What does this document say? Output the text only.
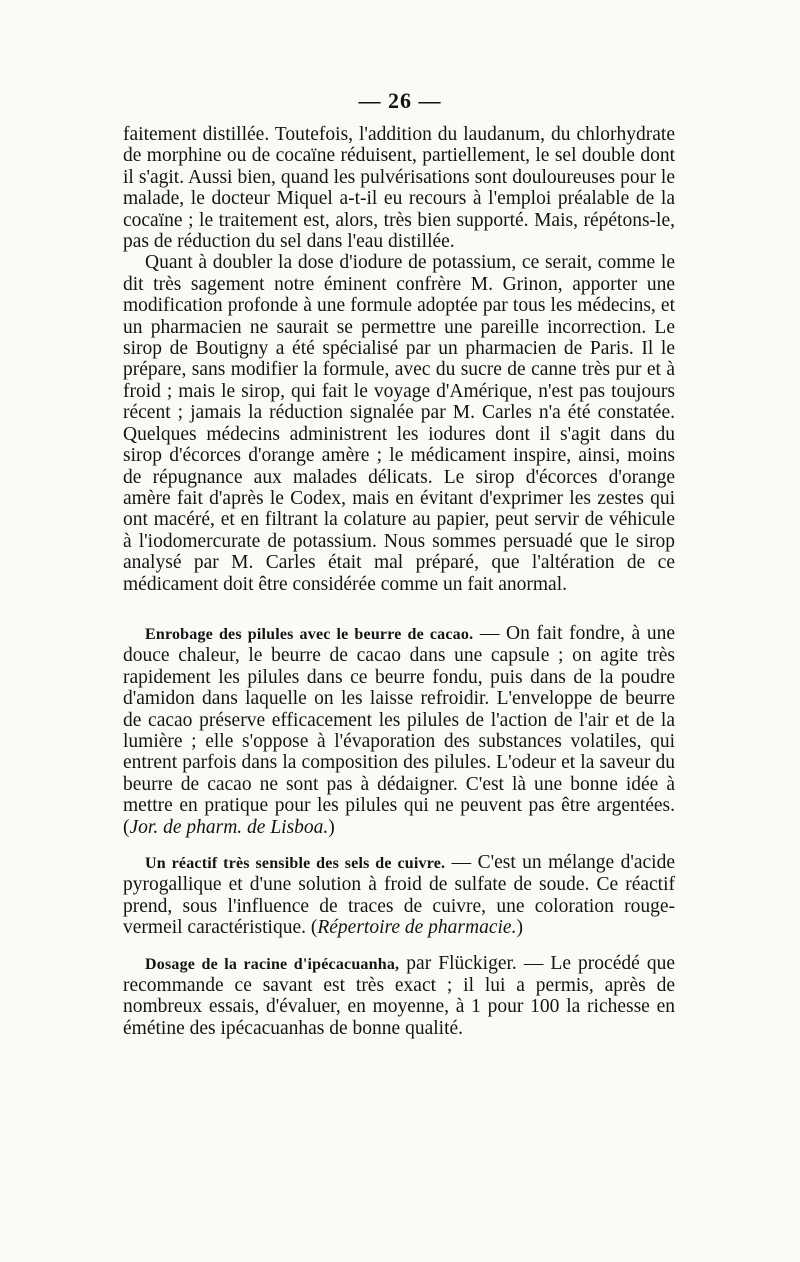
— 26 —

faitement distillée. Toutefois, l'addition du laudanum, du chlorhydrate de morphine ou de cocaïne réduisent, partiellement, le sel double dont il s'agit. Aussi bien, quand les pulvérisations sont douloureuses pour le malade, le docteur Miquel a-t-il eu recours à l'emploi préalable de la cocaïne ; le traitement est, alors, très bien supporté. Mais, répétons-le, pas de réduction du sel dans l'eau distillée.

Quant à doubler la dose d'iodure de potassium, ce serait, comme le dit très sagement notre éminent confrère M. Grinon, apporter une modification profonde à une formule adoptée par tous les médecins, et un pharmacien ne saurait se permettre une pareille incorrection. Le sirop de Boutigny a été spécialisé par un pharmacien de Paris. Il le prépare, sans modifier la formule, avec du sucre de canne très pur et à froid ; mais le sirop, qui fait le voyage d'Amérique, n'est pas toujours récent ; jamais la réduction signalée par M. Carles n'a été constatée. Quelques médecins administrent les iodures dont il s'agit dans du sirop d'écorces d'orange amère ; le médicament inspire, ainsi, moins de répugnance aux malades délicats. Le sirop d'écorces d'orange amère fait d'après le Codex, mais en évitant d'exprimer les zestes qui ont macéré, et en filtrant la colature au papier, peut servir de véhicule à l'iodomercurate de potassium. Nous sommes persuadé que le sirop analysé par M. Carles était mal préparé, que l'altération de ce médicament doit être considérée comme un fait anormal.

Enrobage des pilules avec le beurre de cacao. — On fait fondre, à une douce chaleur, le beurre de cacao dans une capsule ; on agite très rapidement les pilules dans ce beurre fondu, puis dans de la poudre d'amidon dans laquelle on les laisse refroidir. L'enveloppe de beurre de cacao préserve efficacement les pilules de l'action de l'air et de la lumière ; elle s'oppose à l'évaporation des substances volatiles, qui entrent parfois dans la composition des pilules. L'odeur et la saveur du beurre de cacao ne sont pas à dédaigner. C'est là une bonne idée à mettre en pratique pour les pilules qui ne peuvent pas être argentées. (Jor. de pharm. de Lisboa.)

Un réactif très sensible des sels de cuivre. — C'est un mélange d'acide pyrogallique et d'une solution à froid de sulfate de soude. Ce réactif prend, sous l'influence de traces de cuivre, une coloration rouge-vermeil caractéristique. (Répertoire de pharmacie.)

Dosage de la racine d'ipécacuanha, par Flückiger. — Le procédé que recommande ce savant est très exact ; il lui a permis, après de nombreux essais, d'évaluer, en moyenne, à 1 pour 100 la richesse en émétine des ipécacuanhas de bonne qualité.
